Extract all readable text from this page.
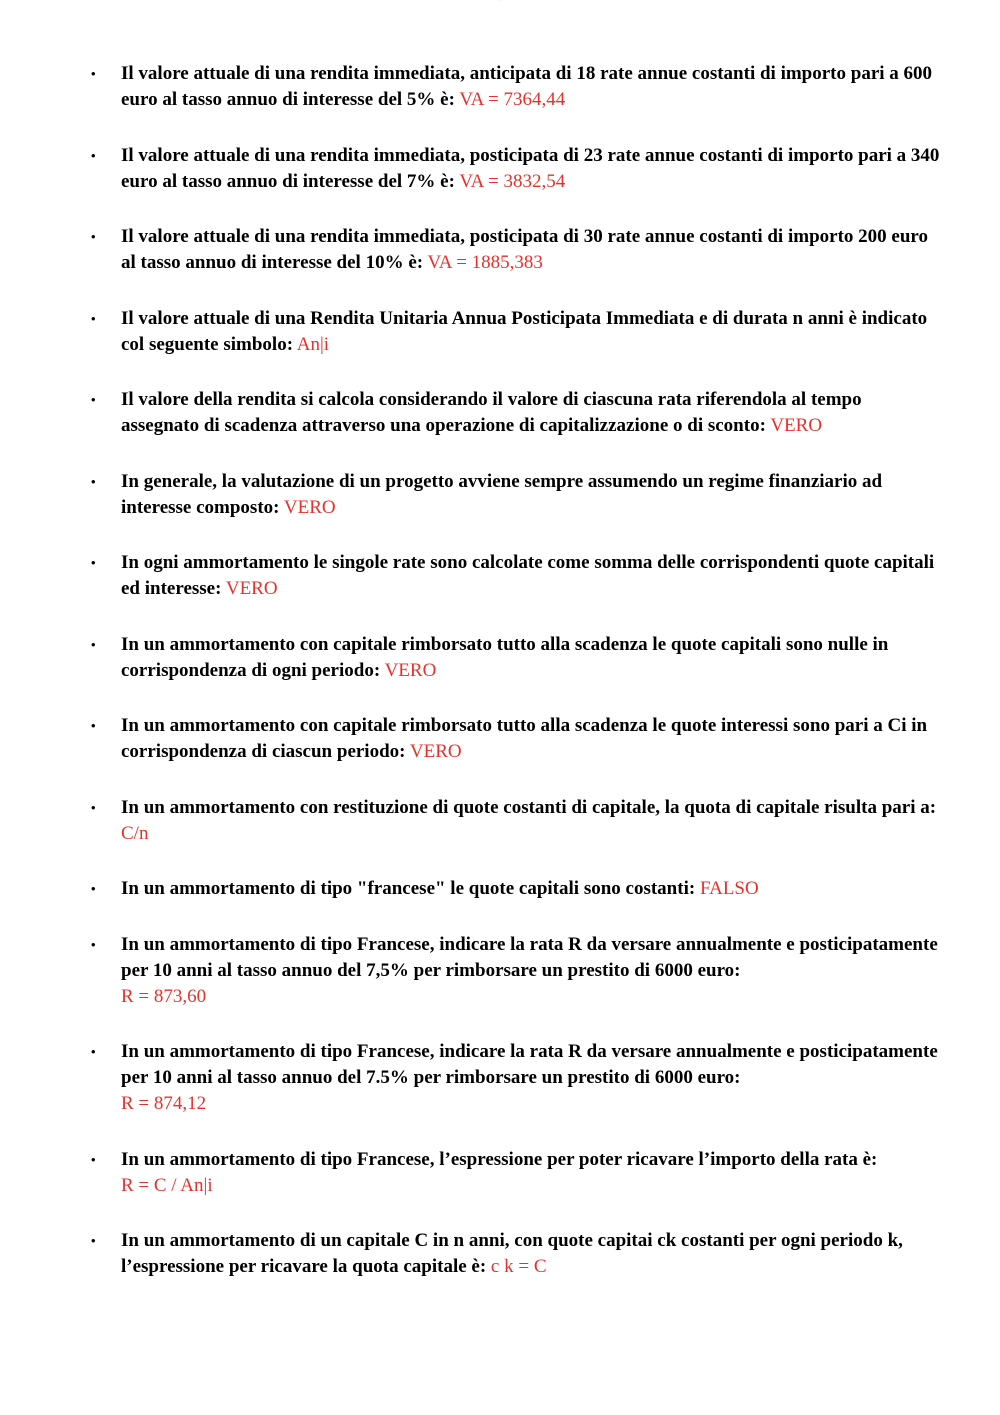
· · ·
• Il valore attuale di una rendita immediata, anticipata di 18 rate annue costanti di importo pari a 600 euro al tasso annuo di interesse del 5% è: VA = 7364,44
• Il valore attuale di una rendita immediata, posticipata di 23 rate annue costanti di importo pari a 340 euro al tasso annuo di interesse del 7% è: VA = 3832,54
• Il valore attuale di una rendita immediata, posticipata di 30 rate annue costanti di importo 200 euro al tasso annuo di interesse del 10% è: VA = 1885,383
• Il valore attuale di una Rendita Unitaria Annua Posticipata Immediata e di durata n anni è indicato col seguente simbolo: An|i
• Il valore della rendita si calcola considerando il valore di ciascuna rata riferendola al tempo assegnato di scadenza attraverso una operazione di capitalizzazione o di sconto: VERO
• In generale, la valutazione di un progetto avviene sempre assumendo un regime finanziario ad interesse composto: VERO
• In ogni ammortamento le singole rate sono calcolate come somma delle corrispondenti quote capitali ed interesse: VERO
• In un ammortamento con capitale rimborsato tutto alla scadenza le quote capitali sono nulle in corrispondenza di ogni periodo: VERO
• In un ammortamento con capitale rimborsato tutto alla scadenza le quote interessi sono pari a Ci in corrispondenza di ciascun periodo: VERO
• In un ammortamento con restituzione di quote costanti di capitale, la quota di capitale risulta pari a: C/n
• In un ammortamento di tipo "francese" le quote capitali sono costanti: FALSO
• In un ammortamento di tipo Francese, indicare la rata R da versare annualmente e posticipatamente per 10 anni al tasso annuo del 7,5% per rimborsare un prestito di 6000 euro:
R = 873,60
• In un ammortamento di tipo Francese, indicare la rata R da versare annualmente e posticipatamente per 10 anni al tasso annuo del 7.5% per rimborsare un prestito di 6000 euro:
R = 874,12
• In un ammortamento di tipo Francese, l’espressione per poter ricavare l’importo della rata è:
R = C / An|i
• In un ammortamento di un capitale C in n anni, con quote capitai ck costanti per ogni periodo k, l’espressione per ricavare la quota capitale è: c k = C
